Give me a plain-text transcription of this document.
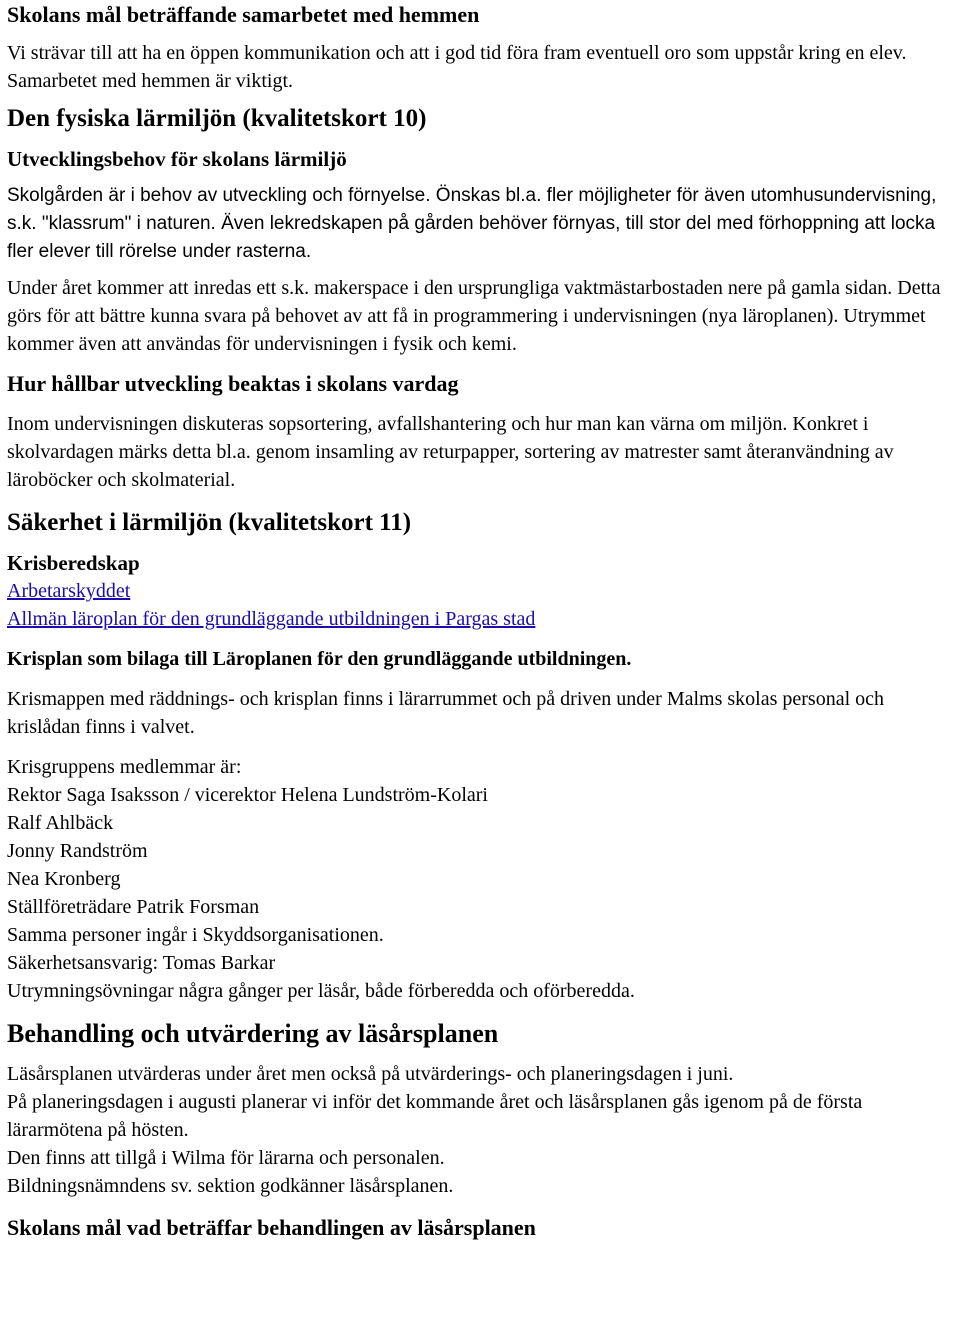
Skolans mål beträffande samarbetet med hemmen

Vi strävar till att ha en öppen kommunikation och att i god tid föra fram eventuell oro som uppstår kring en elev.

Samarbetet med hemmen är viktigt.

Den fysiska lärmiljön (kvalitetskort 10)
Utvecklingsbehov för skolans lärmiljö

Skolgården är i behov av utveckling och förnyelse. Önskas bl.a. fler möjligheter för även utomhusundervisning, s.k. "klassrum" i naturen. Även lekredskapen på gården behöver förnyas, till stor del med förhoppning att locka fler elever till rörelse under rasterna.

Under året kommer att inredas ett s.k. makerspace i den ursprungliga vaktmästarbostaden nere på gamla sidan. Detta görs för att bättre kunna svara på behovet av att få in programmering i undervisningen (nya läroplanen). Utrymmet kommer även att användas för undervisningen i fysik och kemi.

Hur hållbar utveckling beaktas i skolans vardag

Inom undervisningen diskuteras sopsortering, avfallshantering och hur man kan värna om miljön. Konkret i skolvardagen märks detta bl.a. genom insamling av returpapper, sortering av matrester samt återanvändning av läroböcker och skolmaterial.

Säkerhet i lärmiljön (kvalitetskort 11)
Krisberedskap
Arbetarskyddet
Allmän läroplan för den grundläggande utbildningen i Pargas stad

Krisplan som bilaga till Läroplanen för den grundläggande utbildningen.

Krismappen med räddnings- och krisplan finns i lärarrummet och på driven under Malms skolas personal och krislådan finns i valvet.

Krisgruppens medlemmar är:

Rektor Saga Isaksson / vicerektor Helena Lundström-Kolari
Ralf Ahlbäck
Jonny Randström
Nea Kronberg
Ställföreträdare Patrik Forsman
Samma personer ingår i Skyddsorganisationen.
Säkerhetsansvarig: Tomas Barkar
Utrymningsövningar några gånger per läsår, både förberedda och oförberedda.
Behandling och utvärdering av läsårsplanen
Läsårsplanen utvärderas under året men också på utvärderings- och planeringsdagen i juni.
På planeringsdagen i augusti planerar vi inför det kommande året och läsårsplanen gås igenom på de första lärarmötena på hösten.
Den finns att tillgå i Wilma för lärarna och personalen.
Bildningsnämndens sv. sektion godkänner läsårsplanen.
Skolans mål vad beträffar behandlingen av läsårsplanen
